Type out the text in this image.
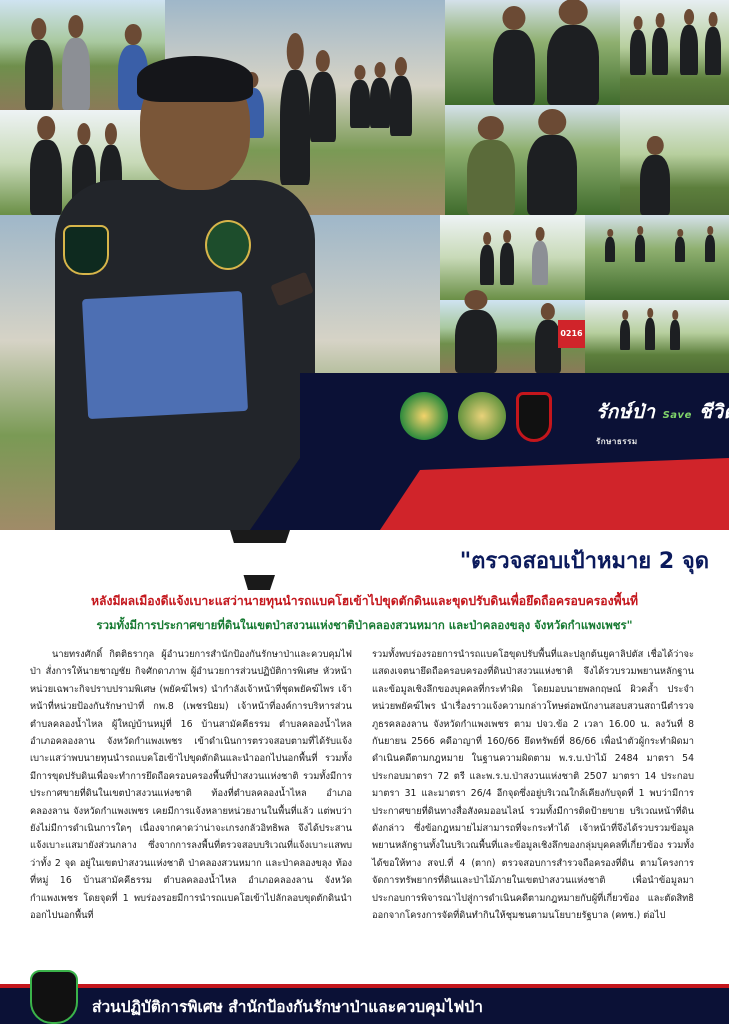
0216
รักษ์ป่า Save ชีวิต
รักษาธรรม
"ตรวจสอบเป้าหมาย 2 จุด
หลังมีผลเมืองดีแจ้งเบาะแสว่านายทุนนำรถแบคโฮเข้าไปขุดตักดินและขุดปรับดินเพื่อยึดถือครอบครองพื้นที่
รวมทั้งมีการประกาศขายที่ดินในเขตป่าสงวนแห่งชาติป่าคลองสวนหมาก และป่าคลองขลุง จังหวัดกำแพงเพชร"

นายทรงศักดิ์ กิตติธรากุล ผู้อำนวยการสำนักป้องกันรักษาป่าและควบคุมไฟป่า สั่งการให้นายชาญชัย กิจศักดาภาพ ผู้อำนวยการส่วนปฏิบัติการพิเศษ หัวหน้าหน่วยเฉพาะกิจปราบปรามพิเศษ (พยัคฆ์ไพร) นำกำลังเจ้าหน้าที่ชุดพยัคฆ์ไพร เจ้าหน้าที่หน่วยป้องกันรักษาป่าที่ กพ.8 (เพชรนิยม) เจ้าหน้าที่องค์การบริหารส่วนตำบลคลองน้ำไหล ผู้ใหญ่บ้านหมู่ที่ 16 บ้านสามัคคีธรรม ตำบลคลองน้ำไหล อำเภอคลองลาน จังหวัดกำแพงเพชร เข้าดำเนินการตรวจสอบตามที่ได้รับแจ้งเบาะแสว่าพบนายทุนนำรถแบคโฮเข้าไปขุดตักดินและนำออกไปนอกพื้นที่ รวมทั้งมีการขุดปรับดินเพื่อจะทำการยึดถือครอบครองพื้นที่ป่าสงวนแห่งชาติ รวมทั้งมีการประกาศขายที่ดินในเขตป่าสงวนแห่งชาติ ท้องที่ตำบลคลองน้ำไหล อำเภอคลองลาน จังหวัดกำแพงเพชร เคยมีการแจ้งหลายหน่วยงานในพื้นที่แล้ว แต่พบว่ายังไม่มีการดำเนินการใดๆ เนื่องจากคาดว่าน่าจะเกรงกลัวอิทธิพล จึงได้ประสานแจ้งเบาะแสมายังส่วนกลาง ซึ่งจากการลงพื้นที่ตรวจสอบบริเวณที่แจ้งเบาะแสพบว่าทั้ง 2 จุด อยู่ในเขตป่าสงวนแห่งชาติ ป่าคลองสวนหมาก และป่าคลองขลุง ท้องที่หมู่ 16 บ้านสามัคคีธรรม ตำบลคลองน้ำไหล อำเภอคลองลาน จังหวัดกำแพงเพชร โดยจุดที่ 1 พบร่องรอยมีการนำรถแบคโฮเข้าไปลักลอบขุดตักดินนำออกไปนอกพื้นที่

รวมทั้งพบร่องรอยการนำรถแบคโฮขุดปรับพื้นที่และปลูกต้นยูคาลิปตัส เชื่อได้ว่าจะแสดงเจตนายึดถือครอบครองที่ดินป่าสงวนแห่งชาติ จึงได้รวบรวมพยานหลักฐานและข้อมูลเชิงลึกของบุคคลที่กระทำผิด โดยมอบนายพลกฤษณ์ ผิวคล้ำ ประจำหน่วยพยัคฆ์ไพร นำเรื่องราวแจ้งความกล่าวโทษต่อพนักงานสอบสวนสถานีตำรวจภูธรคลองลาน จังหวัดกำแพงเพชร ตาม ปจว.ข้อ 2 เวลา 16.00 น. ลงวันที่ 8 กันยายน 2566 คดีอาญาที่ 160/66 ยึดทรัพย์ที่ 86/66 เพื่อนำตัวผู้กระทำผิดมาดำเนินคดีตามกฎหมาย ในฐานความผิดตาม พ.ร.บ.ป่าไม้ 2484 มาตรา 54 ประกอบมาตรา 72 ตรี และพ.ร.บ.ป่าสงวนแห่งชาติ 2507 มาตรา 14 ประกอบมาตรา 31 และมาตรา 26/4 อีกจุดซึ่งอยู่บริเวณใกล้เคียงกับจุดที่ 1 พบว่ามีการประกาศขายที่ดินทางสื่อสังคมออนไลน์ รวมทั้งมีการติดป้ายขาย บริเวณหน้าที่ดินดังกล่าว ซึ่งข้อกฎหมายไม่สามารถที่จะกระทำได้ เจ้าหน้าที่จึงได้รวบรวมข้อมูลพยานหลักฐานทั้งในบริเวณพื้นที่และข้อมูลเชิงลึกของกลุ่มบุคคลที่เกี่ยวข้อง รวมทั้งได้ขอให้ทาง สจป.ที่ 4 (ตาก) ตรวจสอบการสำรวจถือครองที่ดิน ตามโครงการจัดการทรัพยากรที่ดินและป่าไม้ภายในเขตป่าสงวนแห่งชาติ เพื่อนำข้อมูลมาประกอบการพิจารณาไปสู่การดำเนินคดีตามกฎหมายกับผู้ที่เกี่ยวข้อง และตัดสิทธิออกจากโครงการจัดที่ดินทำกินให้ชุมชนตามนโยบายรัฐบาล (คทช.) ต่อไป

ส่วนปฏิบัติการพิเศษ สำนักป้องกันรักษาป่าและควบคุมไฟป่า
